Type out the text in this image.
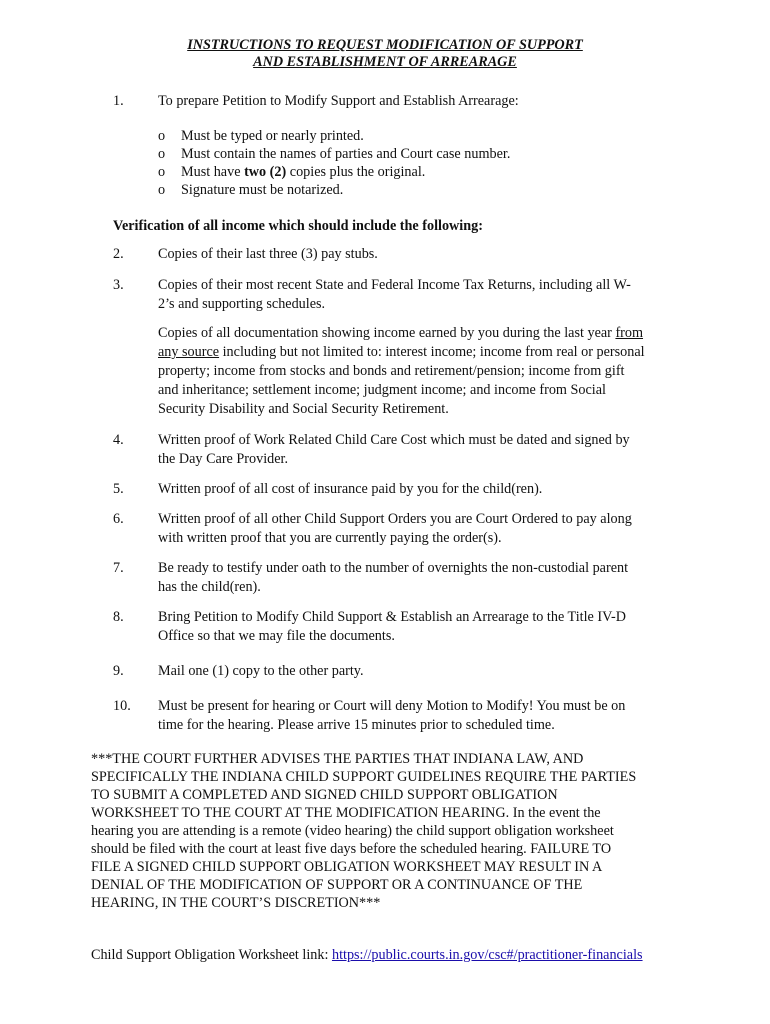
INSTRUCTIONS TO REQUEST MODIFICATION OF SUPPORT
AND ESTABLISHMENT OF ARREARAGE
1. To prepare Petition to Modify Support and Establish Arrearage:
o Must be typed or nearly printed.
o Must contain the names of parties and Court case number.
o Must have two (2) copies plus the original.
o Signature must be notarized.
Verification of all income which should include the following:
2. Copies of their last three (3) pay stubs.
3. Copies of their most recent State and Federal Income Tax Returns, including all W-
2’s and supporting schedules.
Copies of all documentation showing income earned by you during the last year from
any source including but not limited to: interest income; income from real or personal
property; income from stocks and bonds and retirement/pension; income from gift
and inheritance; settlement income; judgment income; and income from Social
Security Disability and Social Security Retirement.
4. Written proof of Work Related Child Care Cost which must be dated and signed by
the Day Care Provider.
5. Written proof of all cost of insurance paid by you for the child(ren).
6. Written proof of all other Child Support Orders you are Court Ordered to pay along
with written proof that you are currently paying the order(s).
7. Be ready to testify under oath to the number of overnights the non-custodial parent
has the child(ren).
8. Bring Petition to Modify Child Support & Establish an Arrearage to the Title IV-D
Office so that we may file the documents.
9. Mail one (1) copy to the other party.
10. Must be present for hearing or Court will deny Motion to Modify! You must be on
time for the hearing. Please arrive 15 minutes prior to scheduled time.
***THE COURT FURTHER ADVISES THE PARTIES THAT INDIANA LAW, AND
SPECIFICALLY THE INDIANA CHILD SUPPORT GUIDELINES REQUIRE THE PARTIES
TO SUBMIT A COMPLETED AND SIGNED CHILD SUPPORT OBLIGATION
WORKSHEET TO THE COURT AT THE MODIFICATION HEARING. In the event the
hearing you are attending is a remote (video hearing) the child support obligation worksheet
should be filed with the court at least five days before the scheduled hearing. FAILURE TO
FILE A SIGNED CHILD SUPPORT OBLIGATION WORKSHEET MAY RESULT IN A
DENIAL OF THE MODIFICATION OF SUPPORT OR A CONTINUANCE OF THE
HEARING, IN THE COURT’S DISCRETION***
Child Support Obligation Worksheet link: https://public.courts.in.gov/csc#/practitioner-financials
